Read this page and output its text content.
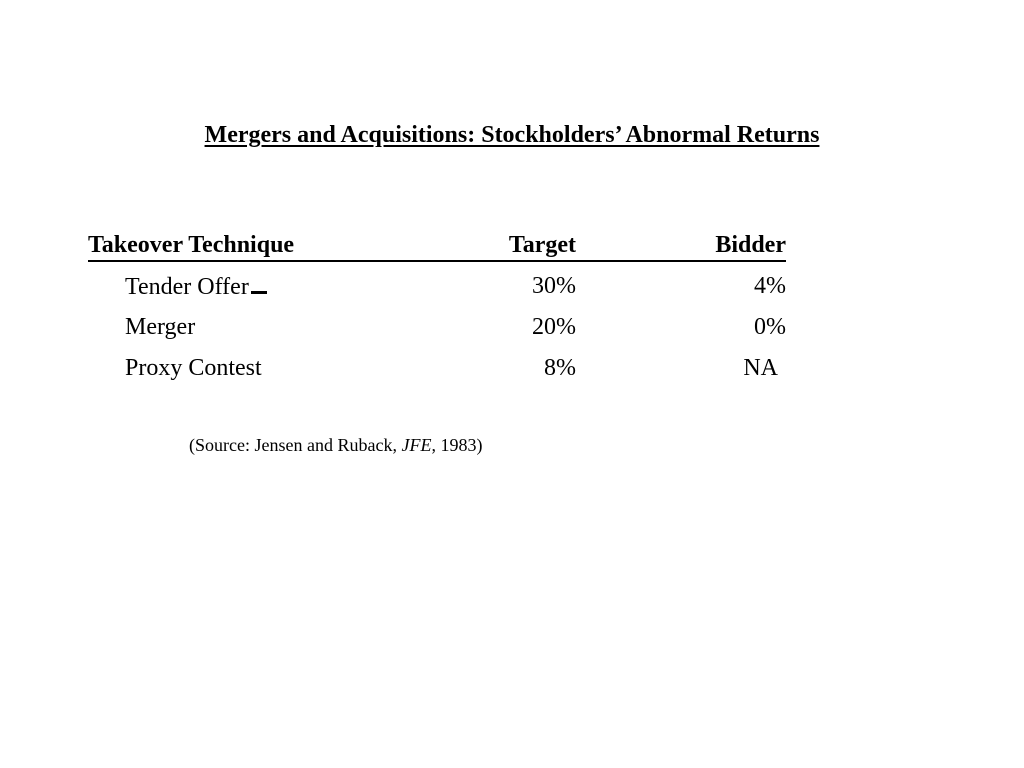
Mergers and Acquisitions: Stockholders’ Abnormal Returns
Takeover Technique	Target	Bidder
Tender Offer	30%	4%
Merger	20%	0%
Proxy Contest	8%	NA
(Source: Jensen and Ruback, JFE, 1983)
